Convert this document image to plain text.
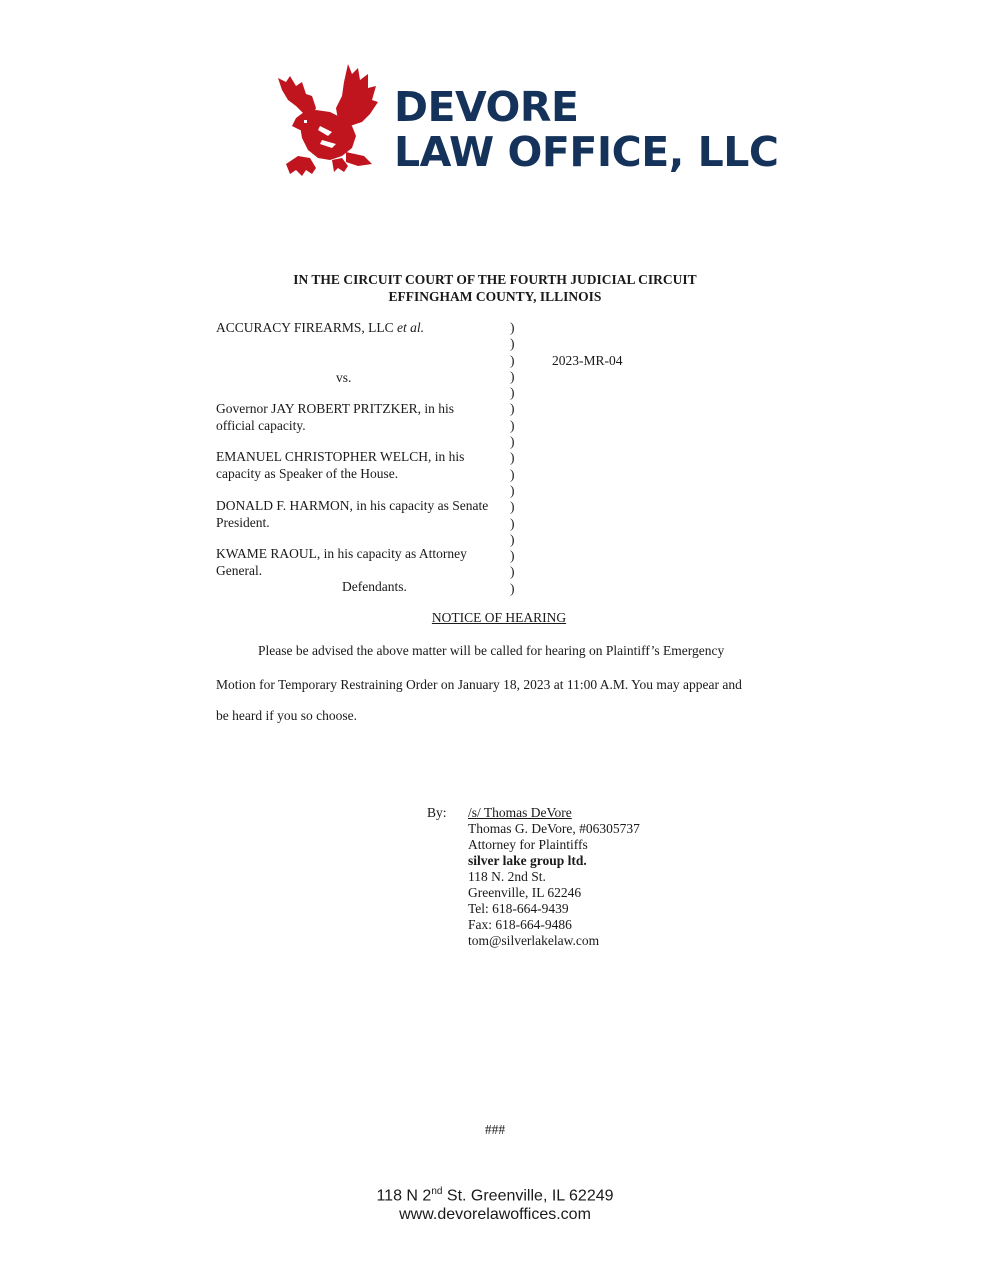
DEVORE
LAW OFFICE, LLC
IN THE CIRCUIT COURT OF THE FOURTH JUDICIAL CIRCUIT
EFFINGHAM COUNTY, ILLINOIS
ACCURACY FIREARMS, LLC et al.
vs.
Governor JAY ROBERT PRITZKER, in his
official capacity.
EMANUEL CHRISTOPHER WELCH, in his
capacity as Speaker of the House.
DONALD F. HARMON, in his capacity as Senate
President.
KWAME RAOUL, in his capacity as Attorney
General.
Defendants.
)
)
)
)
)
)
)
)
)
)
)
)
)
)
)
)
)
2023-MR-04
NOTICE OF HEARING
Please be advised the above matter will be called for hearing on Plaintiff’s Emergency
Motion for Temporary Restraining Order on January 18, 2023 at 11:00 A.M. You may appear and
be heard if you so choose.
By: /s/ Thomas DeVore
Thomas G. DeVore, #06305737
Attorney for Plaintiffs
silver lake group ltd.
118 N. 2nd St.
Greenville, IL 62246
Tel: 618-664-9439
Fax: 618-664-9486
tom@silverlakelaw.com
###
118 N 2nd St. Greenville, IL 62249
www.devorelawoffices.com
